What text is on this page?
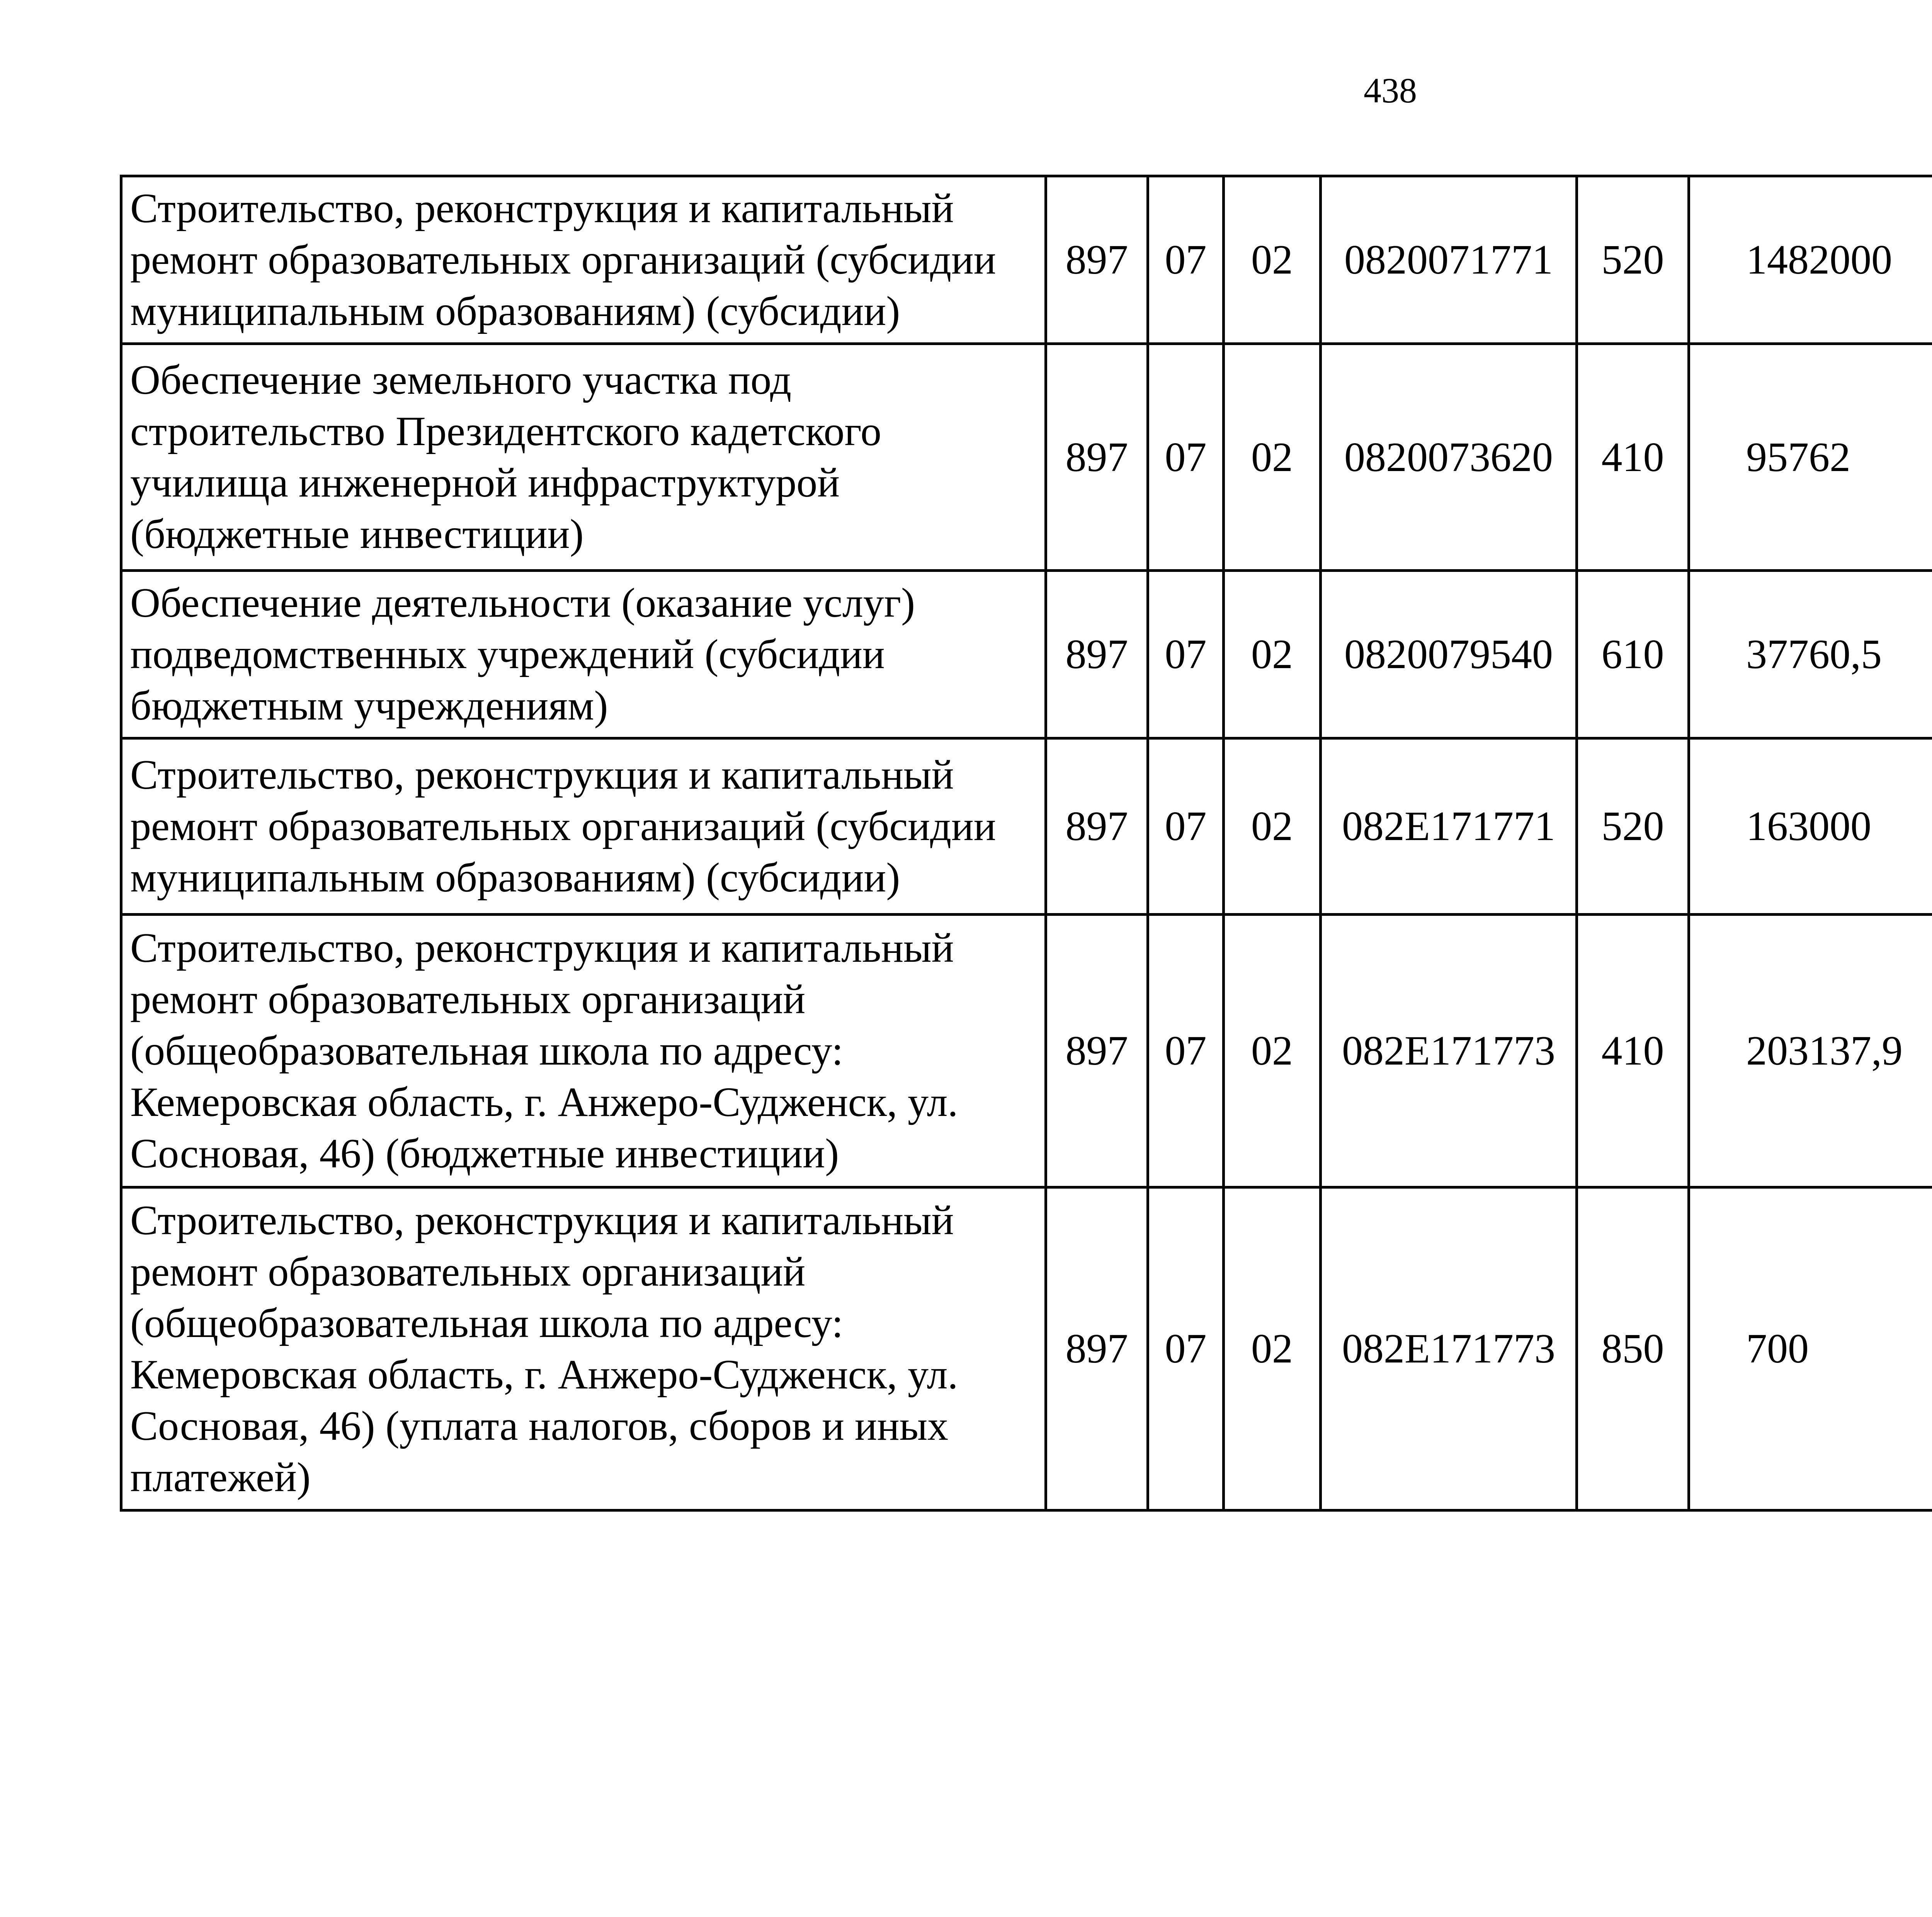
438
Строительство, реконструкция и капитальный ремонт образовательных организаций (субсидии муниципальным образованиям) (субсидии)	897	07	02	0820071771	520	1482000		
Обеспечение земельного участка под строительство Президентского кадетского училища инженерной инфраструктурой (бюджетные инвестиции)	897	07	02	0820073620	410	95762		
Обеспечение деятельности (оказание услуг) подведомственных учреждений (субсидии бюджетным учреждениям)	897	07	02	0820079540	610	37760,5		
Строительство, реконструкция и капитальный ремонт образовательных организаций (субсидии муниципальным образованиям) (субсидии)	897	07	02	082E171771	520	163000		
Строительство, реконструкция и капитальный ремонт образовательных организаций (общеобразовательная школа по адресу: Кемеровская область, г. Анжеро-Судженск, ул. Сосновая, 46) (бюджетные инвестиции)	897	07	02	082E171773	410	203137,9		
Строительство, реконструкция и капитальный ремонт образовательных организаций (общеобразовательная школа по адресу: Кемеровская область, г. Анжеро-Судженск, ул. Сосновая, 46) (уплата налогов, сборов и иных платежей)	897	07	02	082E171773	850	700		
